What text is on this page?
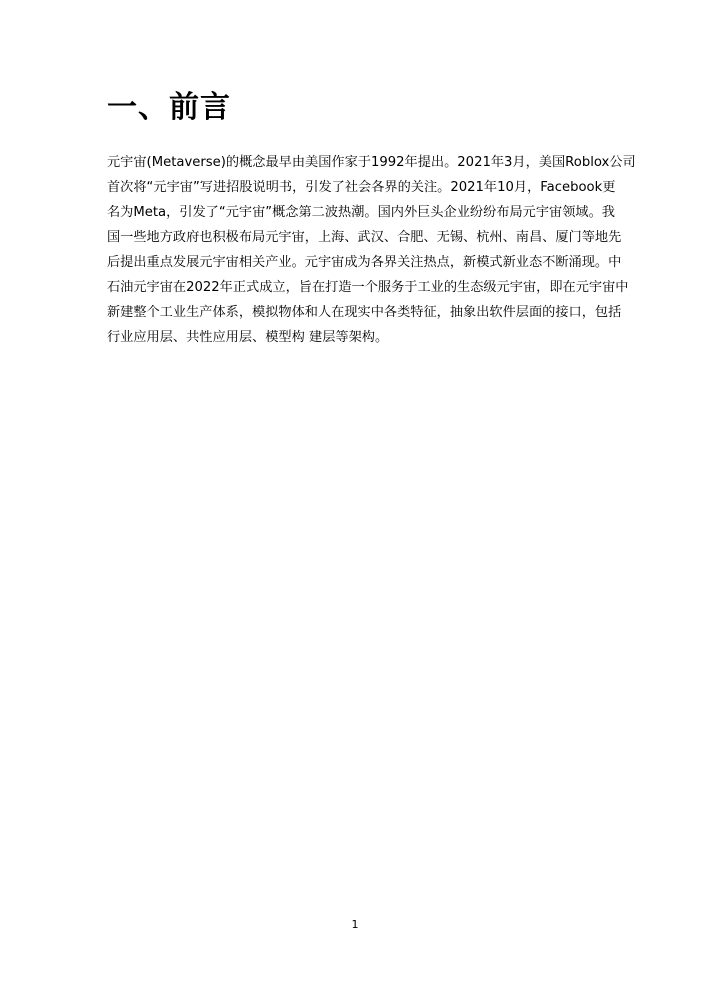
一、前言
元宇宙(Metaverse)的概念最早由美国作家于1992年提出。2021年3月，美国Roblox公司
首次将“元宇宙”写进招股说明书，引发了社会各界的关注。2021年10月，Facebook更
名为Meta，引发了“元宇宙”概念第二波热潮。国内外巨头企业纷纷布局元宇宙领域。我
国一些地方政府也积极布局元宇宙，上海、武汉、合肥、无锡、杭州、南昌、厦门等地先
后提出重点发展元宇宙相关产业。元宇宙成为各界关注热点，新模式新业态不断涌现。中
石油元宇宙在2022年正式成立，旨在打造一个服务于工业的生态级元宇宙，即在元宇宙中
新建整个工业生产体系，模拟物体和人在现实中各类特征，抽象出软件层面的接口，包括
行业应用层、共性应用层、模型构 建层等架构。
1
